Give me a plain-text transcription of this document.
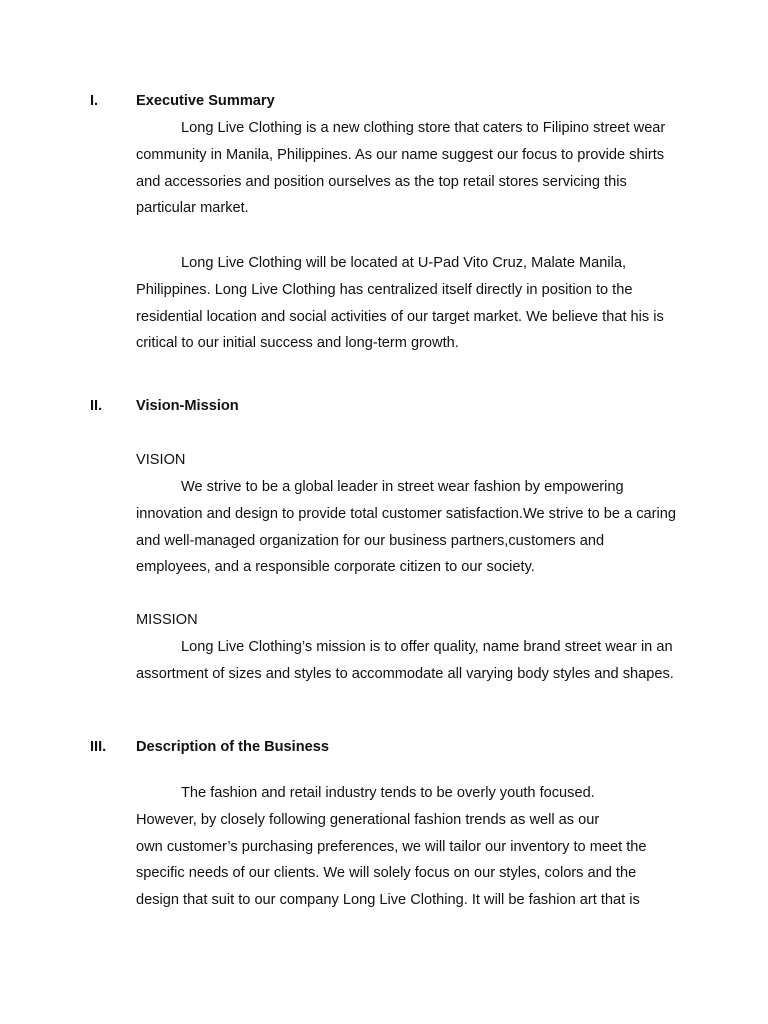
I.	Executive Summary

Long Live Clothing is a new clothing store that caters to Filipino street wear community in Manila, Philippines. As our name suggest our focus to provide shirts and accessories and position ourselves as the top retail stores servicing this particular market.

Long Live Clothing will be located at U-Pad Vito Cruz, Malate Manila, Philippines. Long Live Clothing has centralized itself directly in position to the residential location and social activities of our target market. We believe that his is critical to our initial success and long-term growth.

II. Vision-Mission
VISION

We strive to be a global leader in street wear fashion by empowering innovation and design to provide total customer satisfaction.We strive to be a caring and well-managed organization for our business partners,customers and employees, and a responsible corporate citizen to our society.

MISSION

Long Live Clothing’s mission is to offer quality, name brand street wear in an assortment of sizes and styles to accommodate all varying body styles and shapes.

III. Description of the Business
The fashion and retail industry tends to be overly youth focused.
However, by closely following generational fashion trends as well as our
own customer’s purchasing preferences, we will tailor our inventory to meet the
specific needs of our clients. We will solely focus on our styles, colors and the
design that suit to our company Long Live Clothing. It will be fashion art that is
